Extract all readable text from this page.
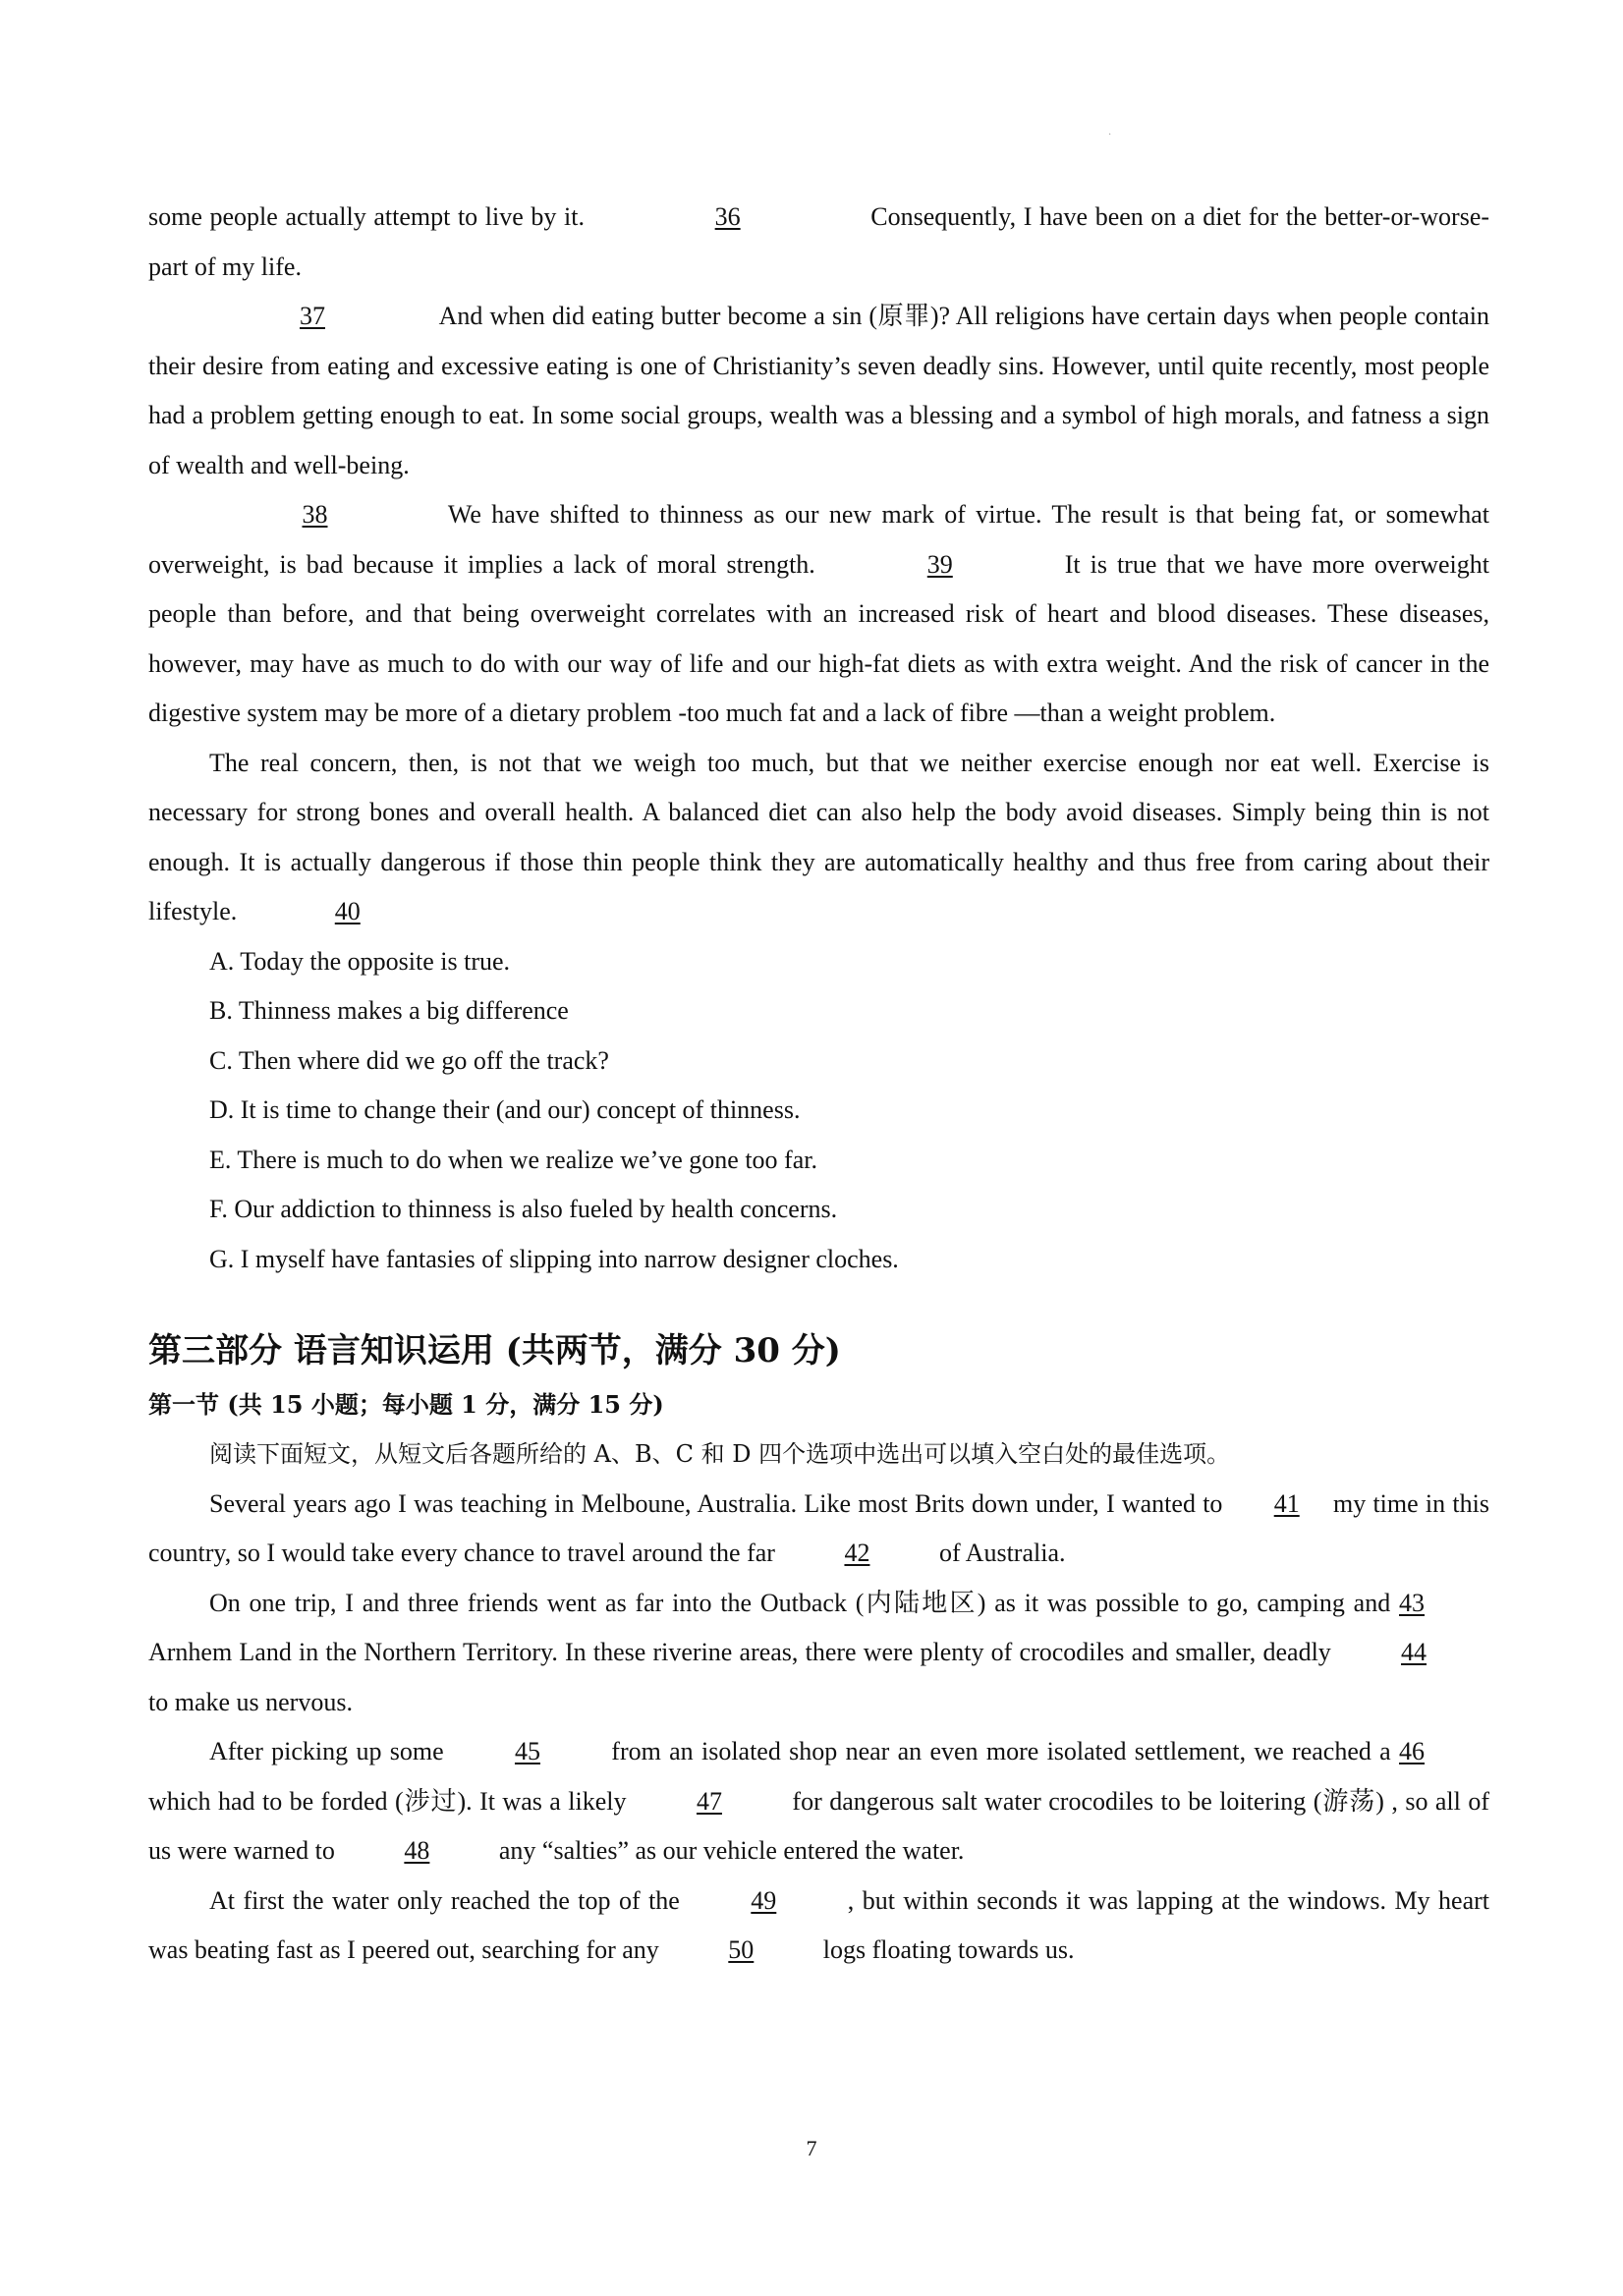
·

some people actually attempt to live by it.	36	Consequently, I have been on a diet for the better-or-worse-part of my life.

37	And when did eating butter become a sin (原罪)? All religions have certain days when people contain their desire from eating and excessive eating is one of Christianity’s seven deadly sins. However, until quite recently, most people had a problem getting enough to eat. In some social groups, wealth was a blessing and a symbol of high morals, and fatness a sign of wealth and well-being.

38	We have shifted to thinness as our new mark of virtue. The result is that being fat, or somewhat overweight, is bad because it implies a lack of moral strength.	39	It is true that we have more overweight people than before, and that being overweight correlates with an increased risk of heart and blood diseases. These diseases, however, may have as much to do with our way of life and our high-fat diets as with extra weight. And the risk of cancer in the digestive system may be more of a dietary problem -too much fat and a lack of fibre —than a weight problem.

The real concern, then, is not that we weigh too much, but that we neither exercise enough nor eat well. Exercise is necessary for strong bones and overall health. A balanced diet can also help the body avoid diseases. Simply being thin is not enough. It is actually dangerous if those thin people think they are automatically healthy and thus free from caring about their lifestyle.	40

A. Today the opposite is true.
B. Thinness makes a big difference
C. Then where did we go off the track?
D. It is time to change their (and our) concept of thinness.
E. There is much to do when we realize we’ve gone too far.
F. Our addiction to thinness is also fueled by health concerns.
G. I myself have fantasies of slipping into narrow designer cloches.
第三部分 语言知识运用 (共两节，满分 30 分)
第一节 (共 15 小题；每小题 1 分，满分 15 分)

阅读下面短文，从短文后各题所给的 A、B、C 和 D 四个选项中选出可以填入空白处的最佳选项。

Several years ago I was teaching in Melboune, Australia. Like most Brits down under, I wanted to 41 my time in this country, so I would take every chance to travel around the far	42	of Australia.

On one trip, I and three friends went as far into the Outback (内陆地区) as it was possible to go, camping and 43 Arnhem Land in the Northern Territory. In these riverine areas, there were plenty of crocodiles and smaller, deadly	44 to make us nervous.

After picking up some	45	from an isolated shop near an even more isolated settlement, we reached a 46 which had to be forded (涉过). It was a likely	47	for dangerous salt water crocodiles to be loitering (游荡) , so all of us were warned to	48	any “salties” as our vehicle entered the water.

At first the water only reached the top of the	49	, but within seconds it was lapping at the windows. My heart was beating fast as I peered out, searching for any	50	logs floating towards us.

7
